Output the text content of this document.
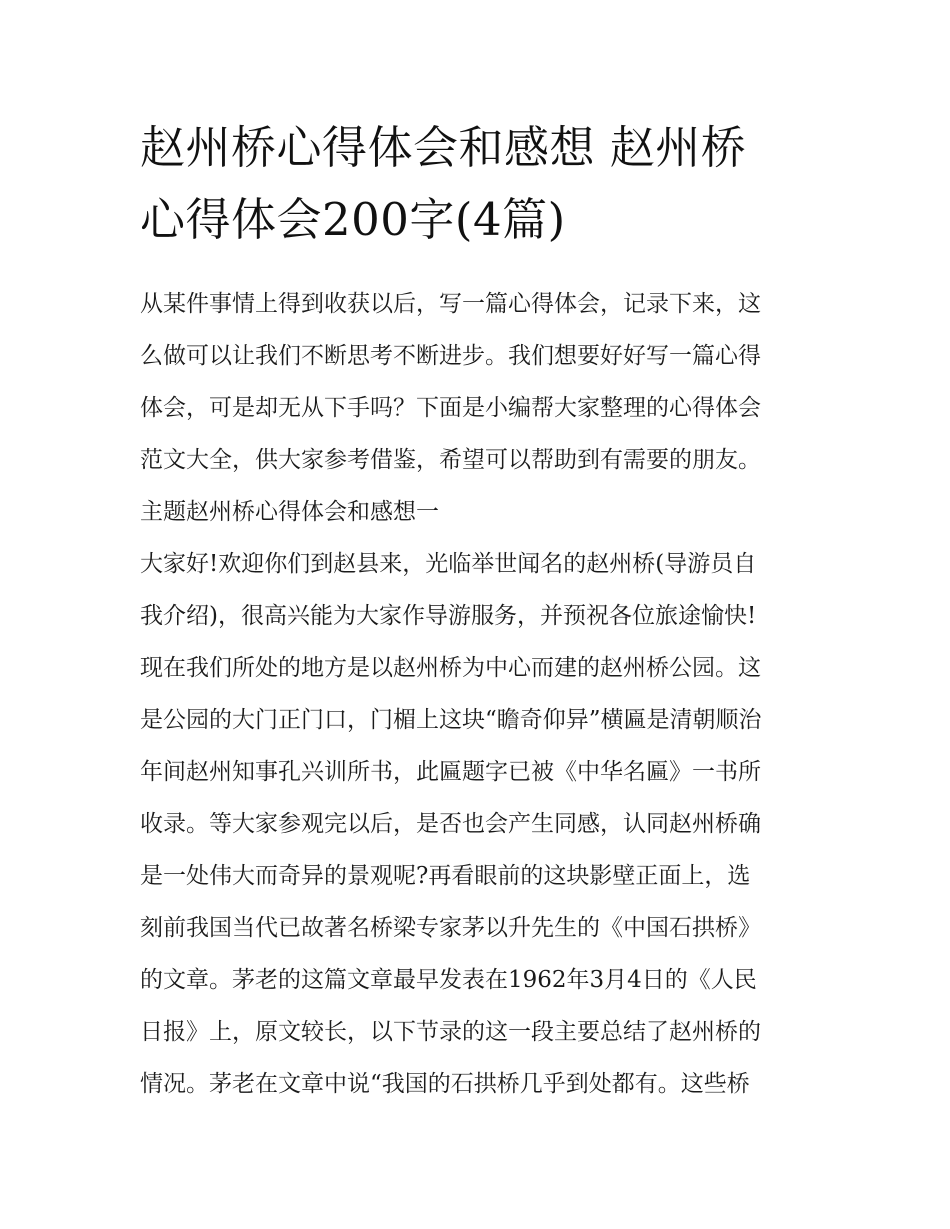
赵州桥心得体会和感想 赵州桥
心得体会200字(4篇)

从某件事情上得到收获以后，写一篇心得体会，记录下来，这
么做可以让我们不断思考不断进步。我们想要好好写一篇心得
体会，可是却无从下手吗？下面是小编帮大家整理的心得体会
范文大全，供大家参考借鉴，希望可以帮助到有需要的朋友。

主题赵州桥心得体会和感想一

大家好!欢迎你们到赵县来，光临举世闻名的赵州桥(导游员自
我介绍)，很高兴能为大家作导游服务，并预祝各位旅途愉快!
现在我们所处的地方是以赵州桥为中心而建的赵州桥公园。这
是公园的大门正门口，门楣上这块“瞻奇仰异”横匾是清朝顺治
年间赵州知事孔兴训所书，此匾题字已被《中华名匾》一书所
收录。等大家参观完以后，是否也会产生同感，认同赵州桥确
是一处伟大而奇异的景观呢?再看眼前的这块影壁正面上，选
刻前我国当代已故著名桥梁专家茅以升先生的《中国石拱桥》
的文章。茅老的这篇文章最早发表在1962年3月4日的《人民
日报》上，原文较长，以下节录的这一段主要总结了赵州桥的
情况。茅老在文章中说“我国的石拱桥几乎到处都有。这些桥
